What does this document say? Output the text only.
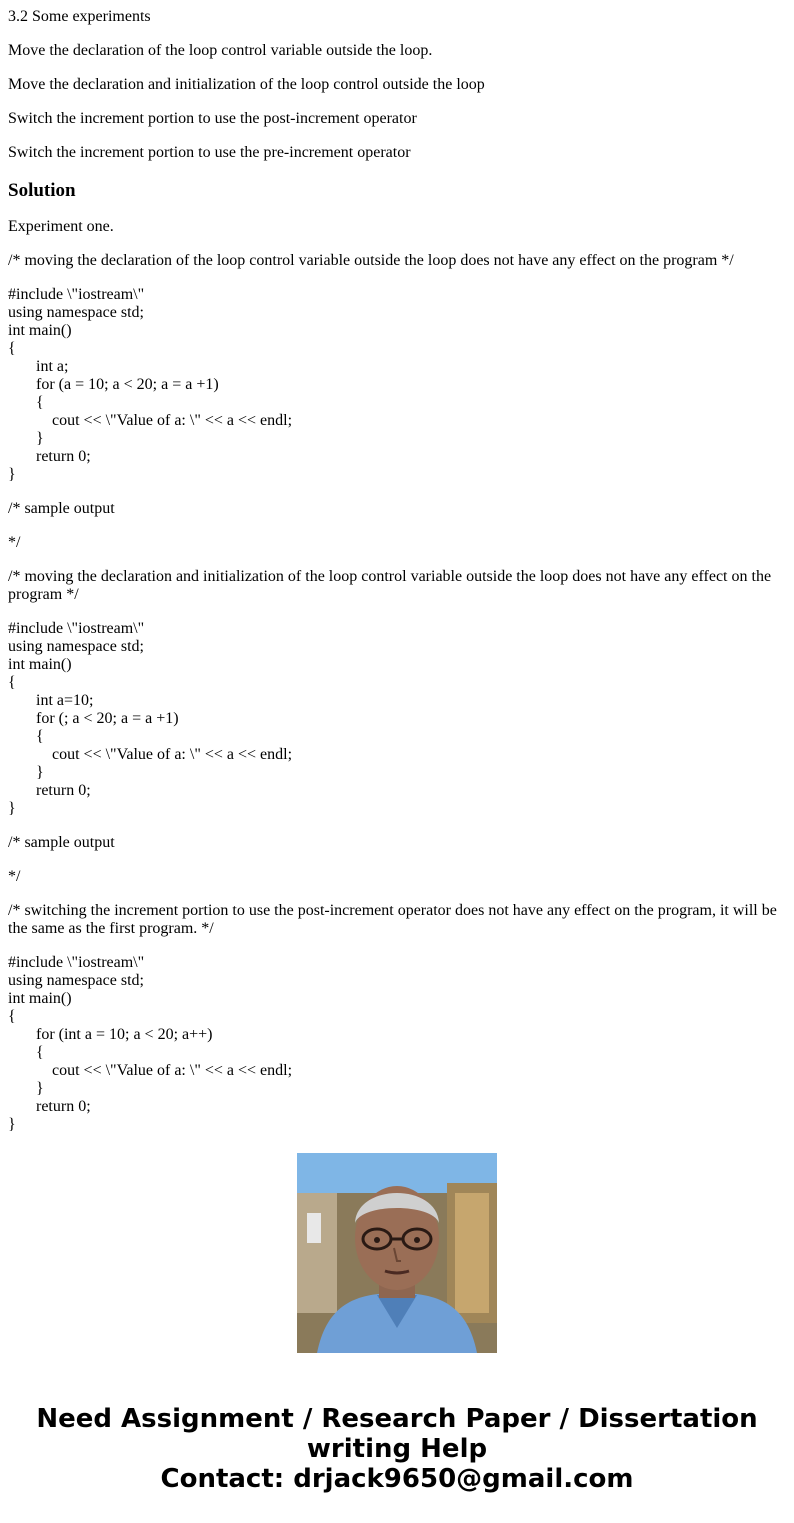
3.2 Some experiments

Move the declaration of the loop control variable outside the loop.

Move the declaration and initialization of the loop control outside the loop

Switch the increment portion to use the post-increment operator

Switch the increment portion to use the pre-increment operator

Solution

Experiment one.

/* moving the declaration of the loop control variable outside the loop does not have any effect on the program */

#include \"iostream\"
using namespace std;
int main()
{
int a;
for (a = 10; a < 20; a = a +1)
{
cout << \"Value of a: \" << a << endl;
}
return 0;
}

/* sample output

*/

/* moving the declaration and initialization of the loop control variable outside the loop does not have any effect on the program */

#include \"iostream\"
using namespace std;
int main()
{
int a=10;
for (; a < 20; a = a +1)
{
cout << \"Value of a: \" << a << endl;
}
return 0;
}

/* sample output

*/

/* switching the increment portion to use the post-increment operator does not have any effect on the program, it will be the same as the first program. */

#include \"iostream\"
using namespace std;
int main()
{
for (int a = 10; a < 20; a++)
{
cout << \"Value of a: \" << a << endl;
}
return 0;
}
Need Assignment / Research Paper / Dissertation
writing Help
Contact: drjack9650@gmail.com
